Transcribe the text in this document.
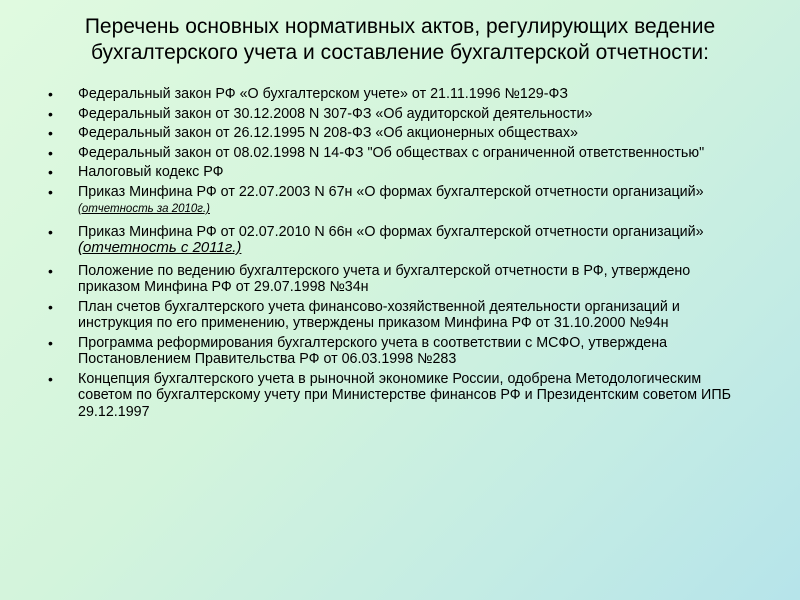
Перечень основных нормативных актов, регулирующих ведение
бухгалтерского учета и составление бухгалтерской отчетности:
• Федеральный закон РФ «О бухгалтерском учете» от 21.11.1996 №129-ФЗ
• Федеральный закон от 30.12.2008 N 307-ФЗ «Об аудиторской деятельности»
• Федеральный закон от 26.12.1995 N 208-ФЗ «Об акционерных обществах»
• Федеральный закон от 08.02.1998 N 14-ФЗ "Об обществах с ограниченной ответственностью"
• Налоговый кодекс РФ
• Приказ Минфина РФ от 22.07.2003 N 67н «О формах бухгалтерской отчетности организаций» (отчетность за 2010г.)
• Приказ Минфина РФ от 02.07.2010 N 66н «О формах бухгалтерской отчетности организаций» (отчетность с 2011г.)
• Положение по ведению бухгалтерского учета и бухгалтерской отчетности в РФ, утверждено приказом Минфина РФ от 29.07.1998 №34н
• План счетов бухгалтерского учета финансово-хозяйственной деятельности организаций и инструкция по его применению, утверждены приказом Минфина РФ от 31.10.2000 №94н
• Программа реформирования бухгалтерского учета в соответствии с МСФО, утверждена Постановлением Правительства РФ от 06.03.1998 №283
• Концепция бухгалтерского учета в рыночной экономике России, одобрена Методологическим советом по бухгалтерскому учету при Министерстве финансов РФ и Президентским советом ИПБ 29.12.1997
